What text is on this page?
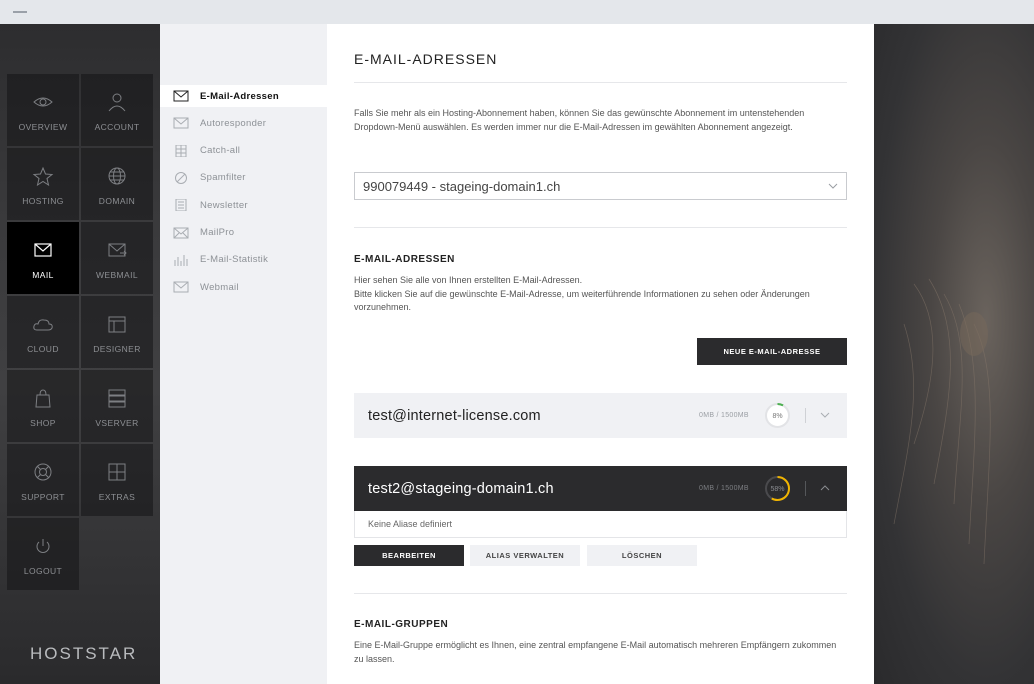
OVERVIEW	ACCOUNT
HOSTING	DOMAIN
MAIL	WEBMAIL
CLOUD	DESIGNER
SHOP	VSERVER
SUPPORT	EXTRAS
LOGOUT
HOSTSTAR
E-Mail-Adressen
Autoresponder
Catch-all
Spamfilter
Newsletter
MailPro
E-Mail-Statistik
Webmail
E-MAIL-ADRESSEN
Falls Sie mehr als ein Hosting-Abonnement haben, können Sie das gewünschte Abonnement im untenstehenden Dropdown-Menü auswählen. Es werden immer nur die E-Mail-Adressen im gewählten Abonnement angezeigt.
990079449 - stageing-domain1.ch
E-MAIL-ADRESSEN
Hier sehen Sie alle von Ihnen erstellten E-Mail-Adressen.
Bitte klicken Sie auf die gewünschte E-Mail-Adresse, um weiterführende Informationen zu sehen oder Änderungen vorzunehmen.
NEUE E-MAIL-ADRESSE
test@internet-license.com	0MB / 1500MB	8%
test2@stageing-domain1.ch	0MB / 1500MB	58%
Keine Aliase definiert
BEARBEITEN	ALIAS VERWALTEN	LÖSCHEN
E-MAIL-GRUPPEN
Eine E-Mail-Gruppe ermöglicht es Ihnen, eine zentral empfangene E-Mail automatisch mehreren Empfängern zukommen zu lassen.
